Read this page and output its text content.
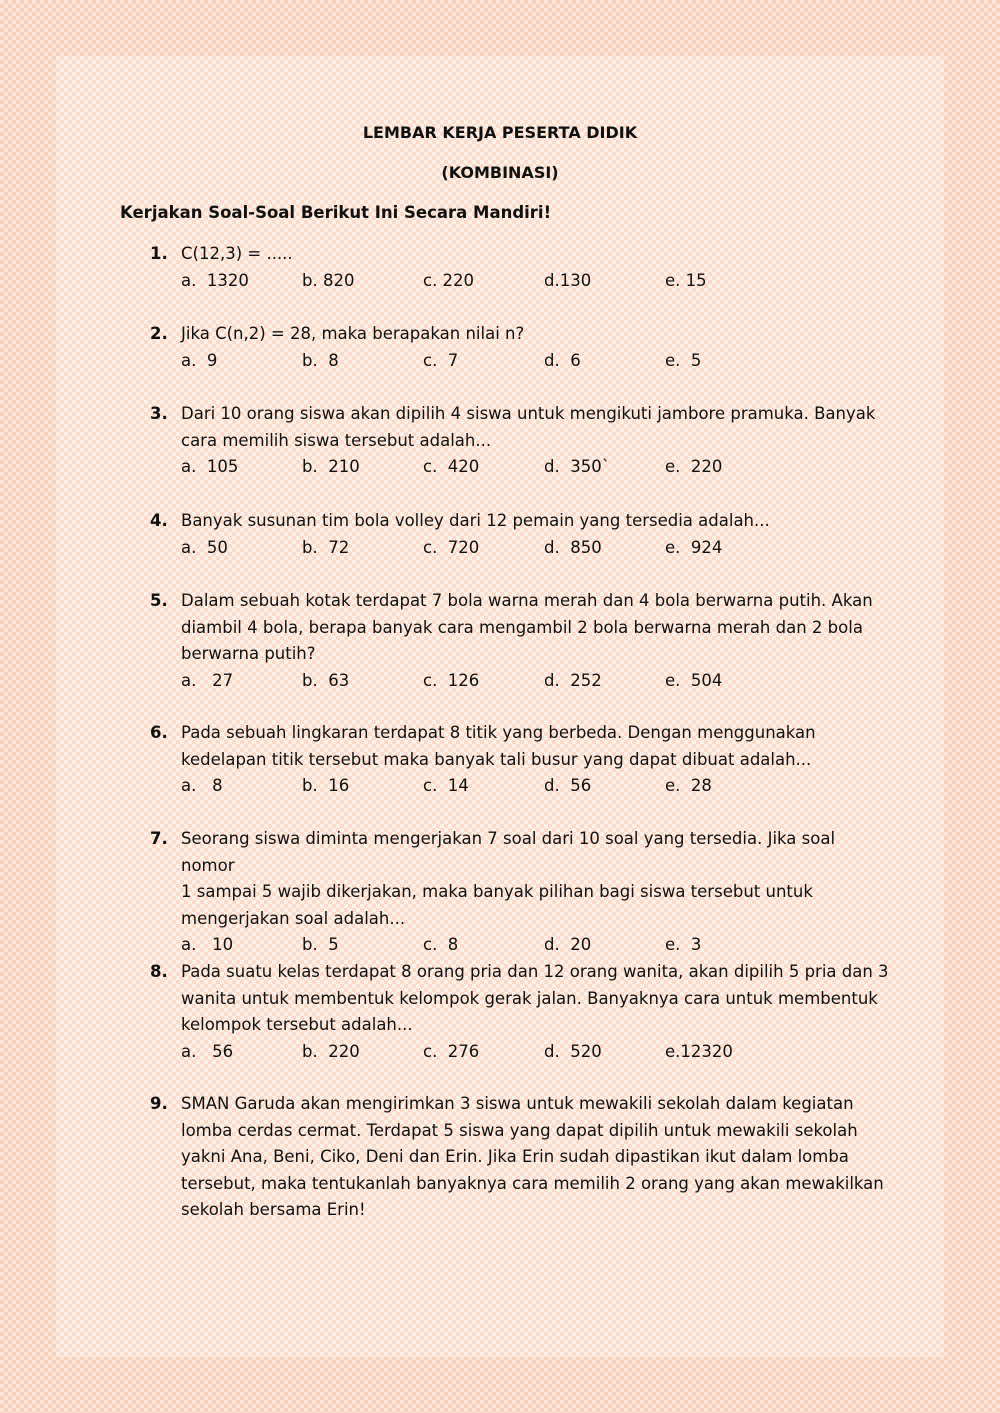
LEMBAR KERJA PESERTA DIDIK
(KOMBINASI)
Kerjakan Soal-Soal Berikut Ini Secara Mandiri!
1. C(12,3) = .....
a.  1320	b. 820	c. 220	d.130	e. 15
2. Jika C(n,2) = 28, maka berapakan nilai n?
a.  9	b.  8	c.  7	d.  6	e.  5
3. Dari 10 orang siswa akan dipilih 4 siswa untuk mengikuti jambore pramuka. Banyak
cara memilih siswa tersebut adalah...
a.  105	b.  210	c.  420	d.  350`	e.  220
4. Banyak susunan tim bola volley dari 12 pemain yang tersedia adalah...
a.  50	b.  72	c.  720	d.  850	e.  924
5. Dalam sebuah kotak terdapat 7 bola warna merah dan 4 bola berwarna putih. Akan
diambil 4 bola, berapa banyak cara mengambil 2 bola berwarna merah dan 2 bola
berwarna putih?
a.   27	b.  63	c.  126	d.  252	e.  504
6. Pada sebuah lingkaran terdapat 8 titik yang berbeda. Dengan menggunakan
kedelapan titik tersebut maka banyak tali busur yang dapat dibuat adalah...
a.   8	b.  16	c.  14	d.  56	e.  28
7. Seorang siswa diminta mengerjakan 7 soal dari 10 soal yang tersedia. Jika soal nomor
1 sampai 5 wajib dikerjakan, maka banyak pilihan bagi siswa tersebut untuk
mengerjakan soal adalah...
a.   10	b.  5	c.  8	d.  20	e.  3
8. Pada suatu kelas terdapat 8 orang pria dan 12 orang wanita, akan dipilih 5 pria dan 3
wanita untuk membentuk kelompok gerak jalan. Banyaknya cara untuk membentuk
kelompok tersebut adalah...
a.   56	b.  220	c.  276	d.  520	e.12320
9. SMAN Garuda akan mengirimkan 3 siswa untuk mewakili sekolah dalam kegiatan
lomba cerdas cermat. Terdapat 5 siswa yang dapat dipilih untuk mewakili sekolah
yakni Ana, Beni, Ciko, Deni dan Erin. Jika Erin sudah dipastikan ikut dalam lomba
tersebut, maka tentukanlah banyaknya cara memilih 2 orang yang akan mewakilkan
sekolah bersama Erin!
